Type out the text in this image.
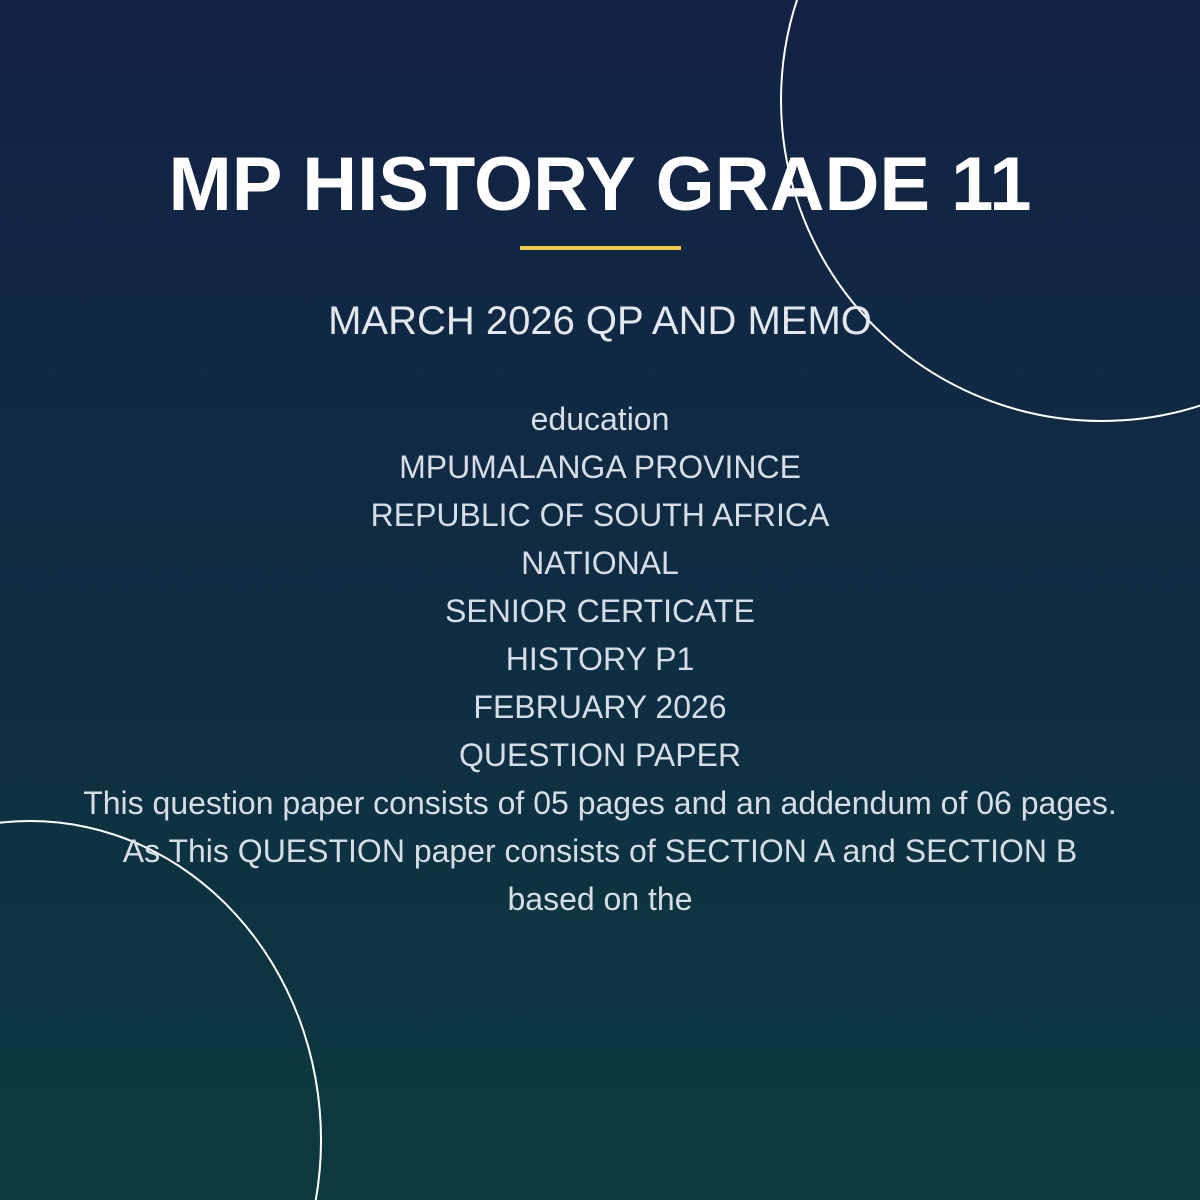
MP HISTORY GRADE 11
MARCH 2026 QP AND MEMO
education
MPUMALANGA PROVINCE
REPUBLIC OF SOUTH AFRICA
NATIONAL
SENIOR CERTICATE
HISTORY P1
FEBRUARY 2026
QUESTION PAPER
This question paper consists of 05 pages and an addendum of 06 pages.
As This QUESTION paper consists of SECTION A and SECTION B based on the
